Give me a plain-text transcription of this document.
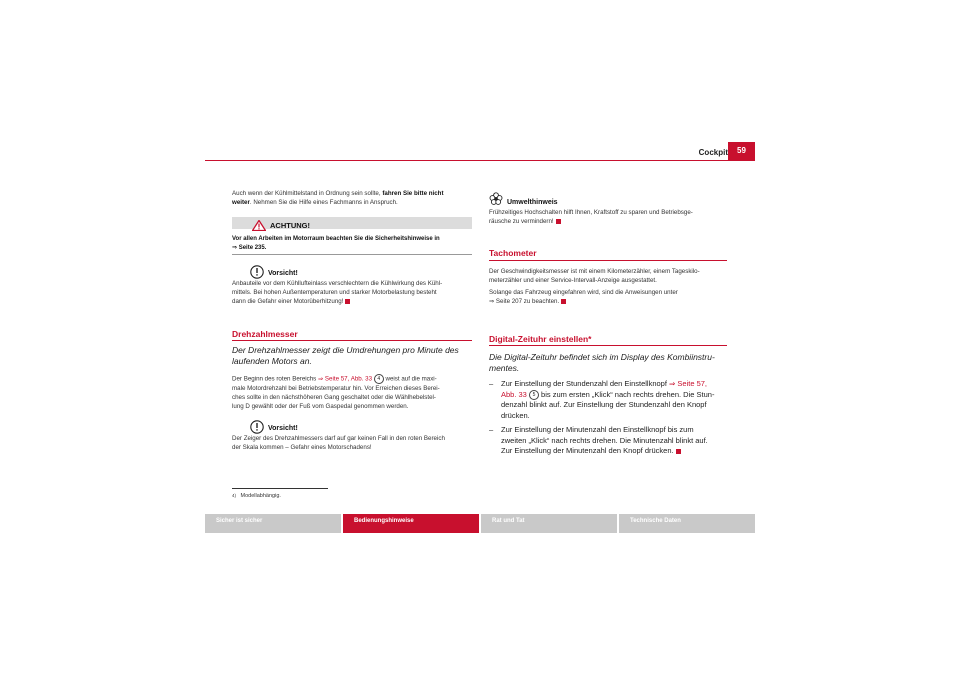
Cockpit	59
Auch wenn der Kühlmittelstand in Ordnung sein sollte, fahren Sie bitte nicht
weiter. Nehmen Sie die Hilfe eines Fachmanns in Anspruch.
ACHTUNG!
Vor allen Arbeiten im Motorraum beachten Sie die Sicherheitshinweise in
⇒ Seite 235.
Vorsicht!
Anbauteile vor dem Kühllufteinlass verschlechtern die Kühlwirkung des Kühl-
mittels. Bei hohen Außentemperaturen und starker Motorbelastung besteht
dann die Gefahr einer Motorüberhitzung!
Drehzahlmesser
Der Drehzahlmesser zeigt die Umdrehungen pro Minute des
laufenden Motors an.
Der Beginn des roten Bereichs ⇒ Seite 57, Abb. 33 4 weist auf die maxi-
male Motordrehzahl bei Betriebstemperatur hin. Vor Erreichen dieses Berei-
ches sollte in den nächsthöheren Gang geschaltet oder die Wählhebelstel-
lung D gewählt oder der Fuß vom Gaspedal genommen werden.
Vorsicht!
Der Zeiger des Drehzahlmessers darf auf gar keinen Fall in den roten Bereich
der Skala kommen – Gefahr eines Motorschadens!
$^{4)}$ Modellabhängig.
Umwelthinweis
Frühzeitiges Hochschalten hilft Ihnen, Kraftstoff zu sparen und Betriebsge-
räusche zu vermindern!
Tachometer
Der Geschwindigkeitsmesser ist mit einem Kilometerzähler, einem Tageskilo-
meterzähler und einer Service-Intervall-Anzeige ausgestattet.
Solange das Fahrzeug eingefahren wird, sind die Anweisungen unter
⇒ Seite 207 zu beachten.
Digital-Zeituhr einstellen*
Die Digital-Zeituhr befindet sich im Display des Kombiinstru-
mentes.
– Zur Einstellung der Stundenzahl den Einstellknopf ⇒ Seite 57,
Abb. 33 5 bis zum ersten „Klick“ nach rechts drehen. Die Stun-
denzahl blinkt auf. Zur Einstellung der Stundenzahl den Knopf
drücken.
– Zur Einstellung der Minutenzahl den Einstellknopf bis zum
zweiten „Klick“ nach rechts drehen. Die Minutenzahl blinkt auf.
Zur Einstellung der Minutenzahl den Knopf drücken.
Sicher ist sicher	Bedienungshinweise	Rat und Tat	Technische Daten
